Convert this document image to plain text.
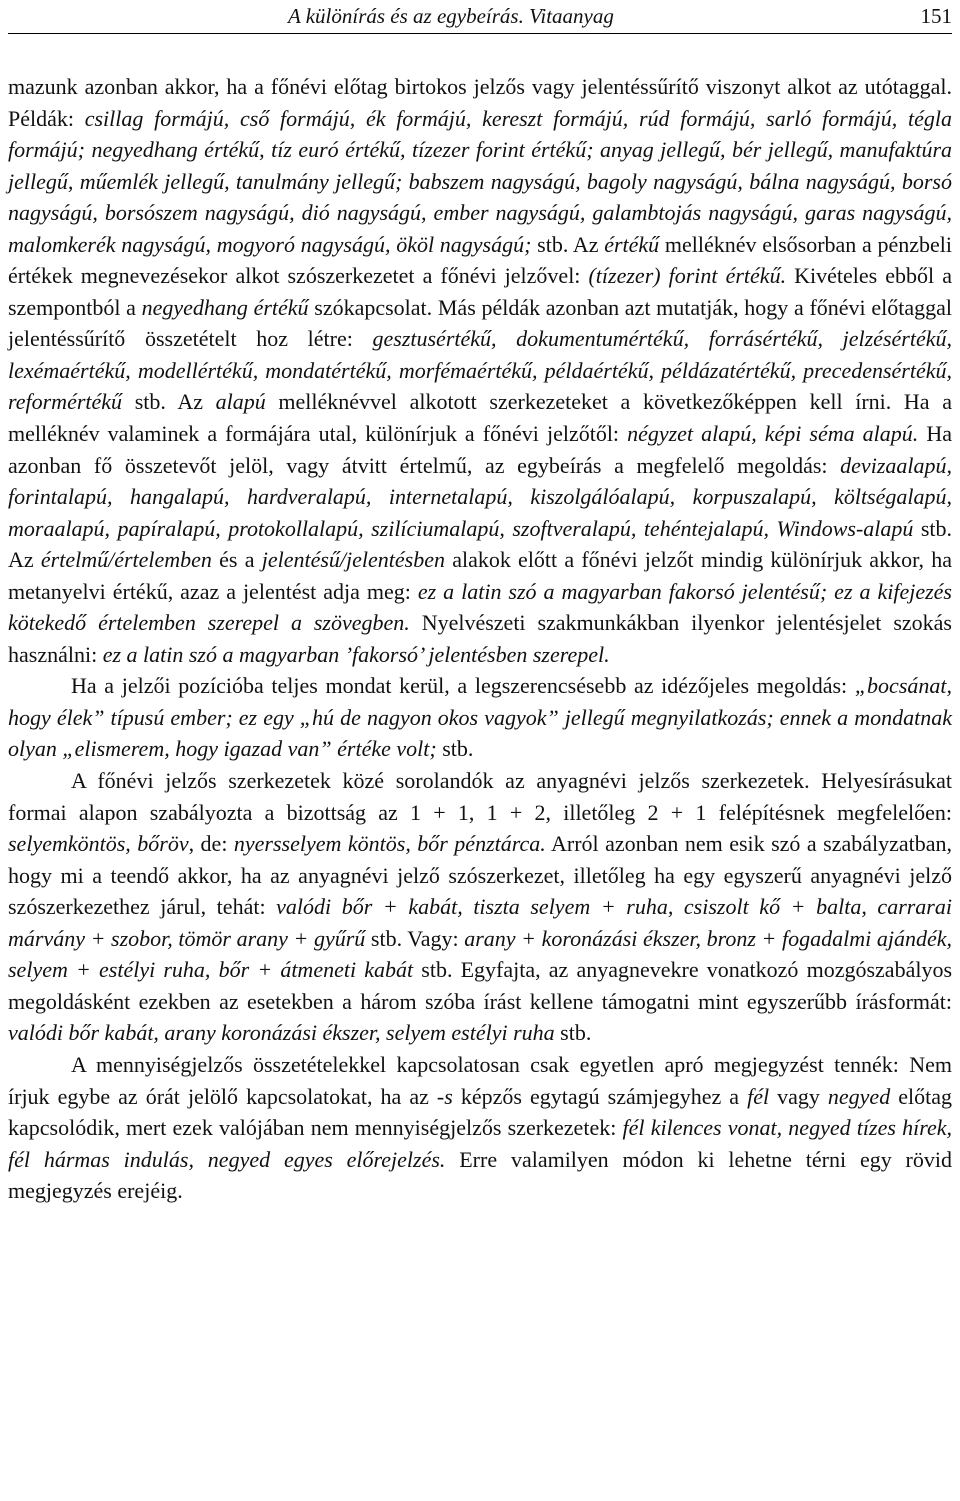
A különírás és az egybeírás. Vitaanyag	151

mazunk azonban akkor, ha a főnévi előtag birtokos jelzős vagy jelentéssűrítő viszonyt alkot az utótaggal. Példák: csillag formájú, cső formájú, ék formájú, kereszt formájú, rúd formájú, sarló formájú, tégla formájú; negyedhang értékű, tíz euró értékű, tízezer forint értékű; anyag jellegű, bér jellegű, manufaktúra jellegű, műemlék jellegű, tanulmány jellegű; babszem nagyságú, bagoly nagyságú, bálna nagyságú, borsó nagyságú, borsószem nagyságú, dió nagyságú, ember nagyságú, galambtojás nagyságú, garas nagyságú, malomkerék nagyságú, mogyoró nagyságú, ököl nagyságú; stb. Az értékű melléknév elsősorban a pénzbeli értékek megnevezésekor alkot szószerkezetet a főnévi jelzővel: (tízezer) forint értékű. Kivételes ebből a szempontból a negyedhang értékű szókapcsolat. Más példák azonban azt mutatják, hogy a főnévi előtaggal jelentéssűrítő összetételt hoz létre: gesztusértékű, dokumentumértékű, forrásértékű, jelzésértékű, lexémaértékű, modellértékű, mondatértékű, morfémaértékű, példaértékű, példázatértékű, precedensértékű, reformértékű stb. Az alapú melléknévvel alkotott szerkezeteket a következőképpen kell írni. Ha a melléknév valaminek a formájára utal, különírjuk a főnévi jelzőtől: négyzet alapú, képi séma alapú. Ha azonban fő összetevőt jelöl, vagy átvitt értelmű, az egybeírás a megfelelő megoldás: devizaalapú, forintalapú, hangalapú, hardveralapú, internetalapú, kiszolgálóalapú, korpuszalapú, költségalapú, moraalapú, papíralapú, protokollalapú, szilíciumalapú, szoftveralapú, tehéntejalapú, Windows-alapú stb. Az értelmű/értelemben és a jelentésű/jelentésben alakok előtt a főnévi jelzőt mindig különírjuk akkor, ha metanyelvi értékű, azaz a jelentést adja meg: ez a latin szó a magyarban fakorsó jelentésű; ez a kifejezés kötekedő értelemben szerepel a szövegben. Nyelvészeti szakmunkákban ilyenkor jelentésjelet szokás használni: ez a latin szó a magyarban ’fakorsó’ jelentésben szerepel.

Ha a jelzői pozícióba teljes mondat kerül, a legszerencsésebb az idézőjeles megoldás: „bocsánat, hogy élek” típusú ember; ez egy „hú de nagyon okos vagyok” jellegű megnyilatkozás; ennek a mondatnak olyan „elismerem, hogy igazad van” értéke volt; stb.

A főnévi jelzős szerkezetek közé sorolandók az anyagnévi jelzős szerkezetek. Helyesírásukat formai alapon szabályozta a bizottság az 1 + 1, 1 + 2, illetőleg 2 + 1 felépítésnek megfelelően: selyemköntös, bőröv, de: nyersselyem köntös, bőr pénztárca. Arról azonban nem esik szó a szabályzatban, hogy mi a teendő akkor, ha az anyagnévi jelző szószerkezet, illetőleg ha egy egyszerű anyagnévi jelző szószerkezethez járul, tehát: valódi bőr + kabát, tiszta selyem + ruha, csiszolt kő + balta, carrarai márvány + szobor, tömör arany + gyűrű stb. Vagy: arany + koronázási ékszer, bronz + fogadalmi ajándék, selyem + estélyi ruha, bőr + átmeneti kabát stb. Egyfajta, az anyagnevekre vonatkozó mozgószabályos megoldásként ezekben az esetekben a három szóba írást kellene támogatni mint egyszerűbb írásformát: valódi bőr kabát, arany koronázási ékszer, selyem estélyi ruha stb.

A mennyiségjelzős összetételekkel kapcsolatosan csak egyetlen apró megjegyzést tennék: Nem írjuk egybe az órát jelölő kapcsolatokat, ha az -s képzős egytagú számjegyhez a fél vagy negyed előtag kapcsolódik, mert ezek valójában nem mennyiségjelzős szerkezetek: fél kilences vonat, negyed tízes hírek, fél hármas indulás, negyed egyes előrejelzés. Erre valamilyen módon ki lehetne térni egy rövid megjegyzés erejéig.
